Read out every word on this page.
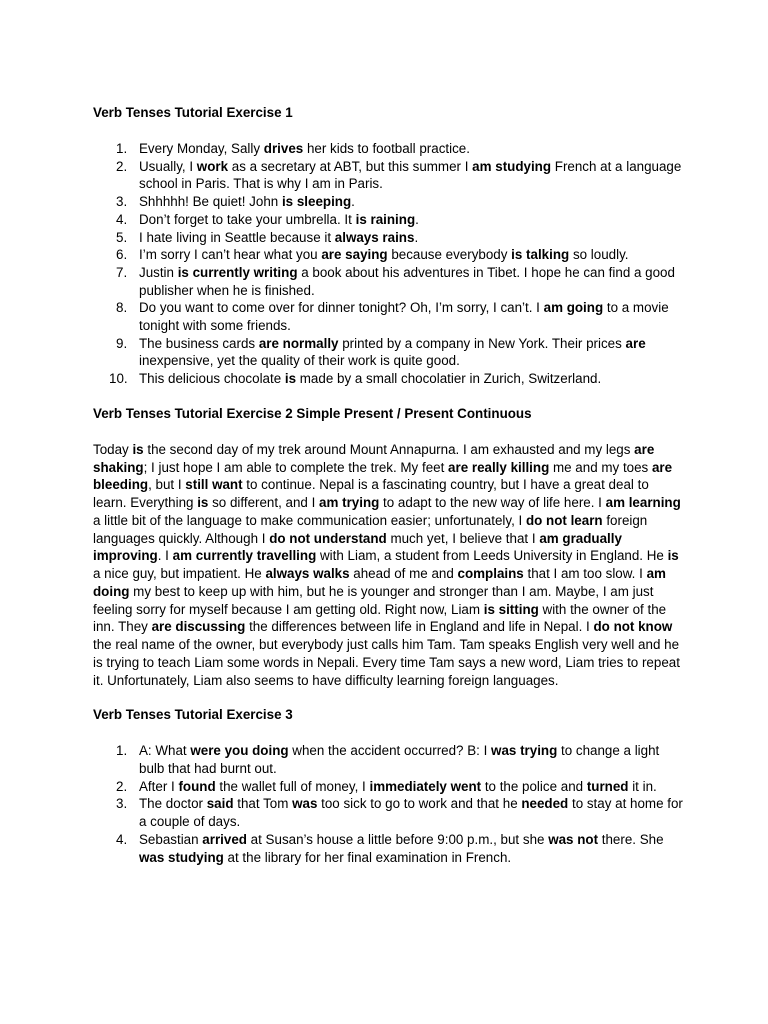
Verb Tenses Tutorial Exercise 1
1. Every Monday, Sally drives her kids to football practice.
2. Usually, I work as a secretary at ABT, but this summer I am studying French at a language school in Paris. That is why I am in Paris.
3. Shhhhh! Be quiet! John is sleeping.
4. Don’t forget to take your umbrella. It is raining.
5. I hate living in Seattle because it always rains.
6. I’m sorry I can’t hear what you are saying because everybody is talking so loudly.
7. Justin is currently writing a book about his adventures in Tibet. I hope he can find a good publisher when he is finished.
8. Do you want to come over for dinner tonight? Oh, I’m sorry, I can’t. I am going to a movie tonight with some friends.
9. The business cards are normally printed by a company in New York. Their prices are inexpensive, yet the quality of their work is quite good.
10. This delicious chocolate is made by a small chocolatier in Zurich, Switzerland.
Verb Tenses Tutorial Exercise 2 Simple Present / Present Continuous

Today is the second day of my trek around Mount Annapurna. I am exhausted and my legs are shaking; I just hope I am able to complete the trek. My feet are really killing me and my toes are bleeding, but I still want to continue. Nepal is a fascinating country, but I have a great deal to learn. Everything is so different, and I am trying to adapt to the new way of life here. I am learning a little bit of the language to make communication easier; unfortunately, I do not learn foreign languages quickly. Although I do not understand much yet, I believe that I am gradually improving. I am currently travelling with Liam, a student from Leeds University in England. He is a nice guy, but impatient. He always walks ahead of me and complains that I am too slow. I am doing my best to keep up with him, but he is younger and stronger than I am. Maybe, I am just feeling sorry for myself because I am getting old. Right now, Liam is sitting with the owner of the inn. They are discussing the differences between life in England and life in Nepal. I do not know the real name of the owner, but everybody just calls him Tam. Tam speaks English very well and he is trying to teach Liam some words in Nepali. Every time Tam says a new word, Liam tries to repeat it. Unfortunately, Liam also seems to have difficulty learning foreign languages.

Verb Tenses Tutorial Exercise 3
1. A: What were you doing when the accident occurred? B: I was trying to change a light bulb that had burnt out.
2. After I found the wallet full of money, I immediately went to the police and turned it in.
3. The doctor said that Tom was too sick to go to work and that he needed to stay at home for a couple of days.
4. Sebastian arrived at Susan’s house a little before 9:00 p.m., but she was not there. She was studying at the library for her final examination in French.
